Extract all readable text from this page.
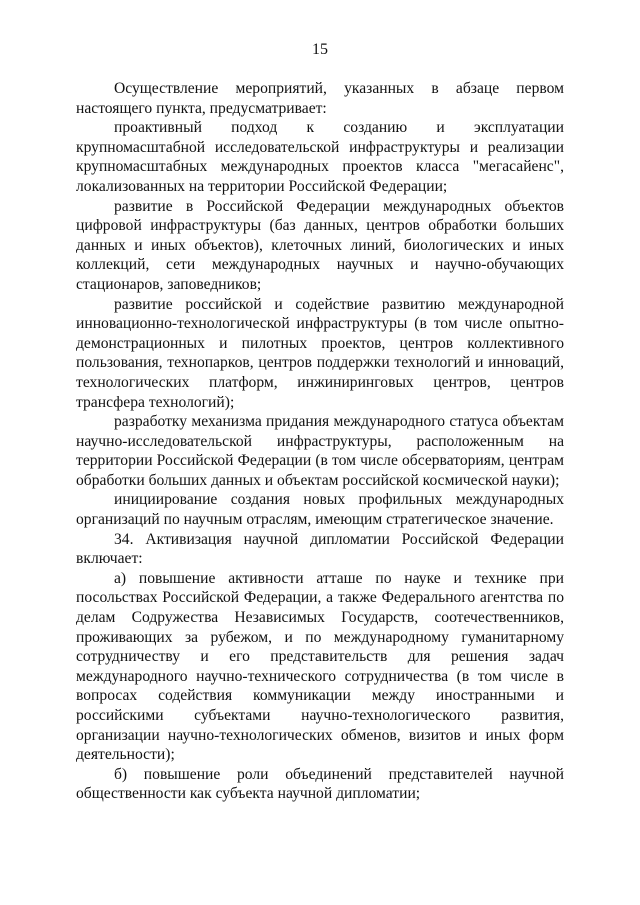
15

Осуществление мероприятий, указанных в абзаце первом настоящего пункта, предусматривает:

проактивный подход к созданию и эксплуатации крупномасштабной исследовательской инфраструктуры и реализации крупномасштабных международных проектов класса "мегасайенс", локализованных на территории Российской Федерации;

развитие в Российской Федерации международных объектов цифровой инфраструктуры (баз данных, центров обработки больших данных и иных объектов), клеточных линий, биологических и иных коллекций, сети международных научных и научно-обучающих стационаров, заповедников;

развитие российской и содействие развитию международной инновационно-технологической инфраструктуры (в том числе опытно-демонстрационных и пилотных проектов, центров коллективного пользования, технопарков, центров поддержки технологий и инноваций, технологических платформ, инжиниринговых центров, центров трансфера технологий);

разработку механизма придания международного статуса объектам научно-исследовательской инфраструктуры, расположенным на территории Российской Федерации (в том числе обсерваториям, центрам обработки больших данных и объектам российской космической науки);

инициирование создания новых профильных международных организаций по научным отраслям, имеющим стратегическое значение.

34. Активизация научной дипломатии Российской Федерации включает:

а) повышение активности атташе по науке и технике при посольствах Российской Федерации, а также Федерального агентства по делам Содружества Независимых Государств, соотечественников, проживающих за рубежом, и по международному гуманитарному сотрудничеству и его представительств для решения задач международного научно-технического сотрудничества (в том числе в вопросах содействия коммуникации между иностранными и российскими субъектами научно-технологического развития, организации научно-технологических обменов, визитов и иных форм деятельности);

б) повышение роли объединений представителей научной общественности как субъекта научной дипломатии;
